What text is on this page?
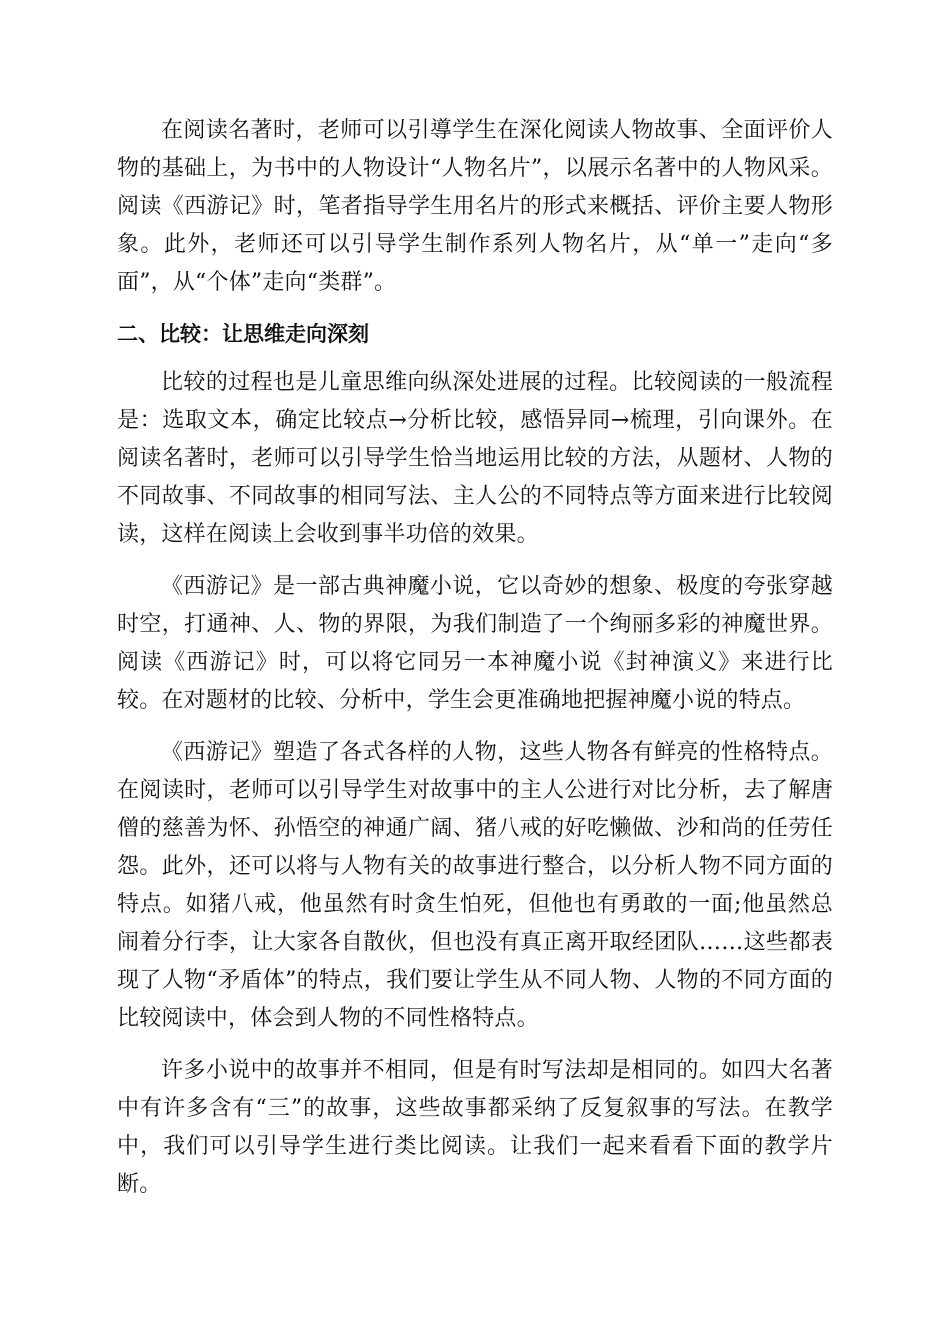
在阅读名著时，老师可以引導学生在深化阅读人物故事、全面评价人物的基础上，为书中的人物设计“人物名片”，以展示名著中的人物风采。阅读《西游记》时，笔者指导学生用名片的形式来概括、评价主要人物形象。此外，老师还可以引导学生制作系列人物名片，从“单一”走向“多面”，从“个体”走向“类群”。

二、比较：让思维走向深刻

比较的过程也是儿童思维向纵深处进展的过程。比较阅读的一般流程是：选取文本，确定比较点→分析比较，感悟异同→梳理，引向课外。在阅读名著时，老师可以引导学生恰当地运用比较的方法，从题材、人物的不同故事、不同故事的相同写法、主人公的不同特点等方面来进行比较阅读，这样在阅读上会收到事半功倍的效果。

《西游记》是一部古典神魔小说，它以奇妙的想象、极度的夸张穿越时空，打通神、人、物的界限，为我们制造了一个绚丽多彩的神魔世界。阅读《西游记》时，可以将它同另一本神魔小说《封神演义》来进行比较。在对题材的比较、分析中，学生会更准确地把握神魔小说的特点。

《西游记》塑造了各式各样的人物，这些人物各有鲜亮的性格特点。在阅读时，老师可以引导学生对故事中的主人公进行对比分析，去了解唐僧的慈善为怀、孙悟空的神通广阔、猪八戒的好吃懒做、沙和尚的任劳任怨。此外，还可以将与人物有关的故事进行整合，以分析人物不同方面的特点。如猪八戒，他虽然有时贪生怕死，但他也有勇敢的一面;他虽然总闹着分行李，让大家各自散伙，但也没有真正离开取经团队……这些都表现了人物“矛盾体”的特点，我们要让学生从不同人物、人物的不同方面的比较阅读中，体会到人物的不同性格特点。

许多小说中的故事并不相同，但是有时写法却是相同的。如四大名著中有许多含有“三”的故事，这些故事都采纳了反复叙事的写法。在教学中，我们可以引导学生进行类比阅读。让我们一起来看看下面的教学片断。
